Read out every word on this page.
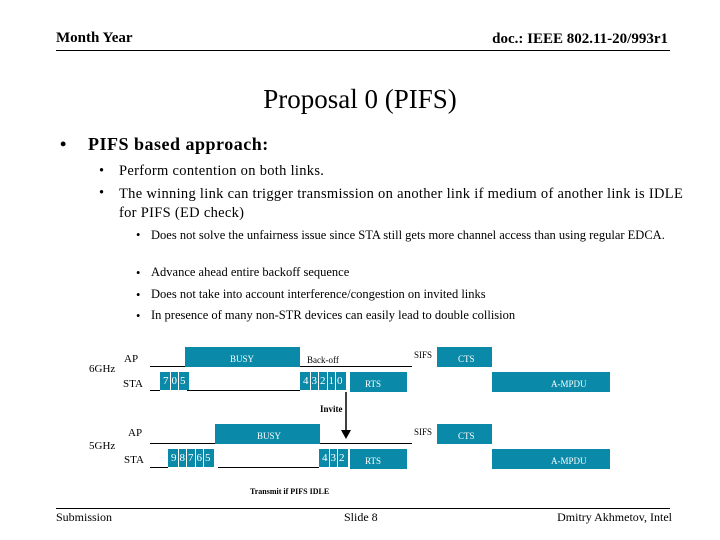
Month Year	doc.: IEEE 802.11-20/993r1
Proposal 0 (PIFS)
• PIFS based approach:
• Perform contention on both links.
• The winning link can trigger transmission on another link if medium of another link is IDLE for PIFS (ED check)
• Does not solve the unfairness issue since STA still gets more channel access than using regular EDCA.
• Advance ahead entire backoff sequence
• Does not take into account interference/congestion on invited links
• In presence of many non-STR devices can easily lead to double collision
6GHz
AP
STA
BUSY	Back-off	SIFS	CTS
7 0 5	4 3 2 1 0	RTS	A-MPDU
Invite
5GHz
AP
STA
BUSY	SIFS	CTS
9 8 7 6 5	4 3 2	RTS	A-MPDU
Transmit if PIFS IDLE
Submission	Slide 8	Dmitry Akhmetov, Intel
